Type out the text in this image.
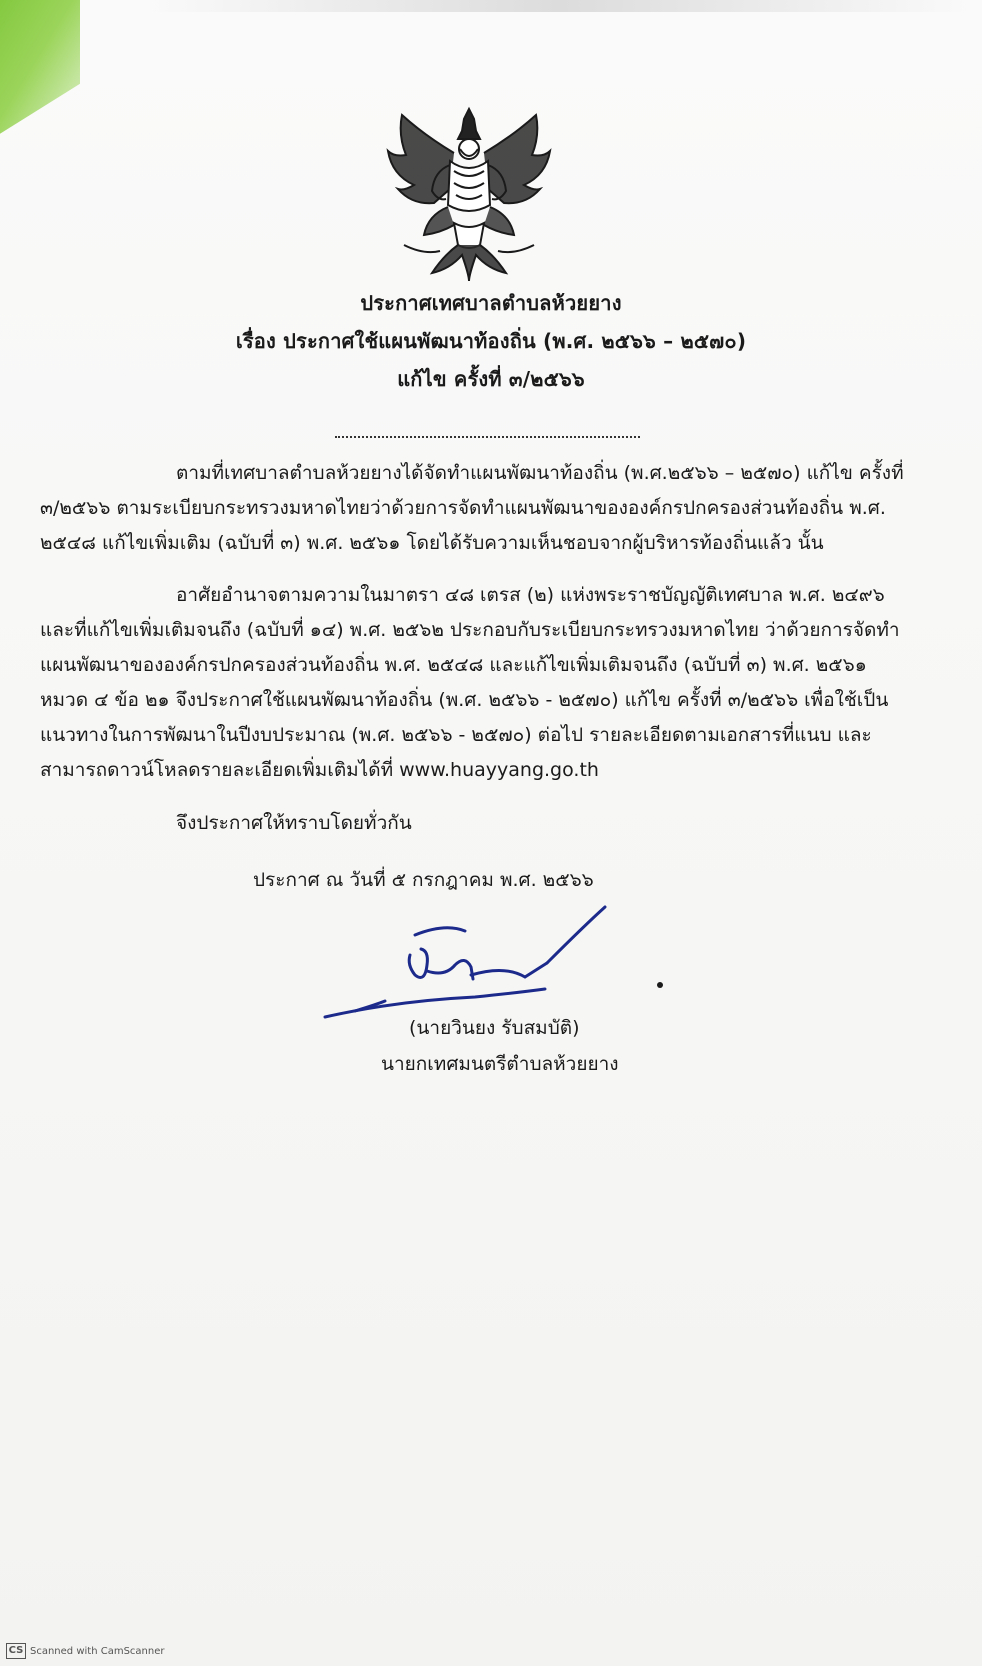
ประกาศเทศบาลตำบลห้วยยาง
เรื่อง ประกาศใช้แผนพัฒนาท้องถิ่น (พ.ศ. ๒๕๖๖ – ๒๕๗๐)
แก้ไข ครั้งที่ ๓/๒๕๖๖
ตามที่เทศบาลตำบลห้วยยางได้จัดทำแผนพัฒนาท้องถิ่น (พ.ศ.๒๕๖๖ – ๒๕๗๐) แก้ไข ครั้งที่
๓/๒๕๖๖ ตามระเบียบกระทรวงมหาดไทยว่าด้วยการจัดทำแผนพัฒนาขององค์กรปกครองส่วนท้องถิ่น พ.ศ.
๒๕๔๘ แก้ไขเพิ่มเติม (ฉบับที่ ๓) พ.ศ. ๒๕๖๑ โดยได้รับความเห็นชอบจากผู้บริหารท้องถิ่นแล้ว นั้น
อาศัยอำนาจตามความในมาตรา ๔๘ เตรส (๒) แห่งพระราชบัญญัติเทศบาล พ.ศ. ๒๔๙๖
และที่แก้ไขเพิ่มเติมจนถึง (ฉบับที่ ๑๔) พ.ศ. ๒๕๖๒ ประกอบกับระเบียบกระทรวงมหาดไทย ว่าด้วยการจัดทำ
แผนพัฒนาขององค์กรปกครองส่วนท้องถิ่น พ.ศ. ๒๕๔๘ และแก้ไขเพิ่มเติมจนถึง (ฉบับที่ ๓) พ.ศ. ๒๕๖๑
หมวด ๔ ข้อ ๒๑ จึงประกาศใช้แผนพัฒนาท้องถิ่น (พ.ศ. ๒๕๖๖ - ๒๕๗๐) แก้ไข ครั้งที่ ๓/๒๕๖๖ เพื่อใช้เป็น
แนวทางในการพัฒนาในปีงบประมาณ (พ.ศ. ๒๕๖๖ - ๒๕๗๐) ต่อไป รายละเอียดตามเอกสารที่แนบ และ
สามารถดาวน์โหลดรายละเอียดเพิ่มเติมได้ที่ www.huayyang.go.th
จึงประกาศให้ทราบโดยทั่วกัน
ประกาศ ณ วันที่ ๕ กรกฎาคม พ.ศ. ๒๕๖๖
(นายวินยง รับสมบัติ)
นายกเทศมนตรีตำบลห้วยยาง
CS Scanned with CamScanner
